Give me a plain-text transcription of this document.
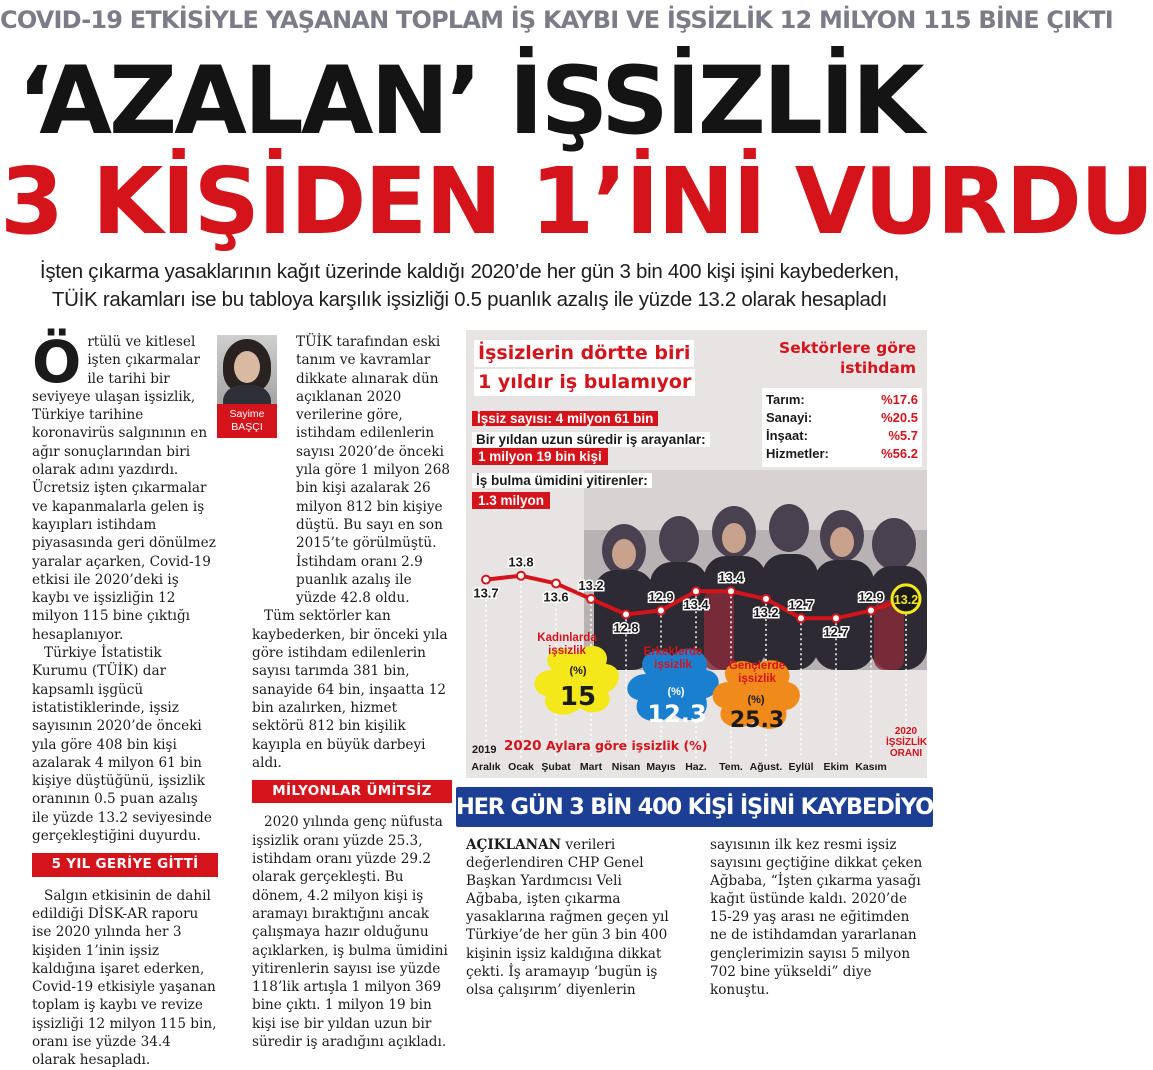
COVID-19 ETKİSİYLE YAŞANAN TOPLAM İŞ KAYBI VE İŞSİZLİK 12 MİLYON 115 BİNE ÇIKTI
‘AZALAN’ İŞSİZLİK
3 KİŞİDEN 1’İNİ VURDU
İşten çıkarma yasaklarının kağıt üzerinde kaldığı 2020’de her gün 3 bin 400 kişi işini kaybederken,
TÜİK rakamları ise bu tabloya karşılık işsizliği 0.5 puanlık azalış ile yüzde 13.2 olarak hesapladı
Ö rtülü ve kitlesel işten çıkarmalar ile tarihi bir seviyeye ulaşan işsizlik, Türkiye tarihine koronavirüs salgınının en ağır sonuçlarından biri olarak adını yazdırdı. Ücretsiz işten çıkarmalar ve kapanmalarla gelen iş kayıpları istihdam piyasasında geri dönülmez yaralar açarken, Covid-19 etkisi ile 2020’deki iş kaybı ve işsizliğin 12 milyon 115 bine çıktığı hesaplanıyor.

Türkiye İstatistik Kurumu (TÜİK) dar kapsamlı işgücü istatistiklerinde, işsiz sayısının 2020’de önceki yıla göre 408 bin kişi azalarak 4 milyon 61 bin kişiye düştüğünü, işsizlik oranının 0.5 puan azalış ile yüzde 13.2 seviyesinde gerçekleştiğini duyurdu.

5 YIL GERİYE GİTTİ

Salgın etkisinin de dahil edildiği DİSK-AR raporu ise 2020 yılında her 3 kişiden 1’inin işsiz kaldığına işaret ederken, Covid-19 etkisiyle yaşanan toplam iş kaybı ve revize işsizliği 12 milyon 115 bin, oranı ise yüzde 34.4 olarak hesapladı.

Sayime
BAŞÇI

TÜİK tarafından eski tanım ve kavramlar dikkate alınarak dün açıklanan 2020 verilerine göre, istihdam edilenlerin sayısı 2020’de önceki yıla göre 1 milyon 268 bin kişi azalarak 26 milyon 812 bin kişiye düştü. Bu sayı en son 2015’te görülmüştü. İstihdam oranı 2.9 puanlık azalış ile yüzde 42.8 oldu.

Tüm sektörler kan kaybederken, bir önceki yıla göre istihdam edilenlerin sayısı tarımda 381 bin, sanayide 64 bin, inşaatta 12 bin azalırken, hizmet sektörü 812 bin kişilik kayıpla en büyük darbeyi aldı.

MİLYONLAR ÜMİTSİZ

2020 yılında genç nüfusta işsizlik oranı yüzde 25.3, istihdam oranı yüzde 29.2 olarak gerçekleşti. Bu dönem, 4.2 milyon kişi iş aramayı bıraktığını ancak çalışmaya hazır olduğunu açıklarken, iş bulma ümidini yitirenlerin sayısı ise yüzde 118’lik artışla 1 milyon 369 bine çıktı. 1 milyon 19 bin kişi ise bir yıldan uzun bir süredir iş aradığını açıkladı.

13.7
13.8
13.6
13.2
12.8
12.9
13.4
13.4
13.2
12.7
12.7
12.9 13.2
İşsizlerin dörtte biri
1 yıldır iş bulamıyor
İşsiz sayısı: 4 milyon 61 bin
Bir yıldan uzun süredir iş arayanlar:
1 milyon 19 bin kişi
İş bulma ümidini yitirenler:
1.3 milyon
Sektörlere göre
istihdam
Tarım:	%17.6
Sanayi:	%20.5
İnşaat:	%5.7
Hizmetler:	%56.2
Kadınlarda
işsizlik
(%)
15
Erkeklerde
işsizlik
(%)
12.3
Gençlerde
işsizlik
(%)
25.3
2019 2020 Aylara göre işsizlik (%)
2020
İŞSİZLİK
ORANI
Aralık Ocak Şubat Mart Nisan Mayıs Haz.	Tem. Ağust. Eylül Ekim Kasım
HER GÜN 3 BİN 400 KİŞİ İŞİNİ KAYBEDİYOR

AÇIKLANAN verileri değerlendiren CHP Genel Başkan Yardımcısı Veli Ağbaba, işten çıkarma yasaklarına rağmen geçen yıl Türkiye’de her gün 3 bin 400 kişinin işsiz kaldığına dikkat çekti. İş aramayıp ‘bugün iş olsa çalışırım’ diyenlerin sayısının ilk kez resmi işsiz sayısını geçtiğine dikkat çeken Ağbaba, “İşten çıkarma yasağı kağıt üstünde kaldı. 2020’de 15-29 yaş arası ne eğitimden ne de istihdamdan yararlanan gençlerimizin sayısı 5 milyon 702 bine yükseldi” diye konuştu.
